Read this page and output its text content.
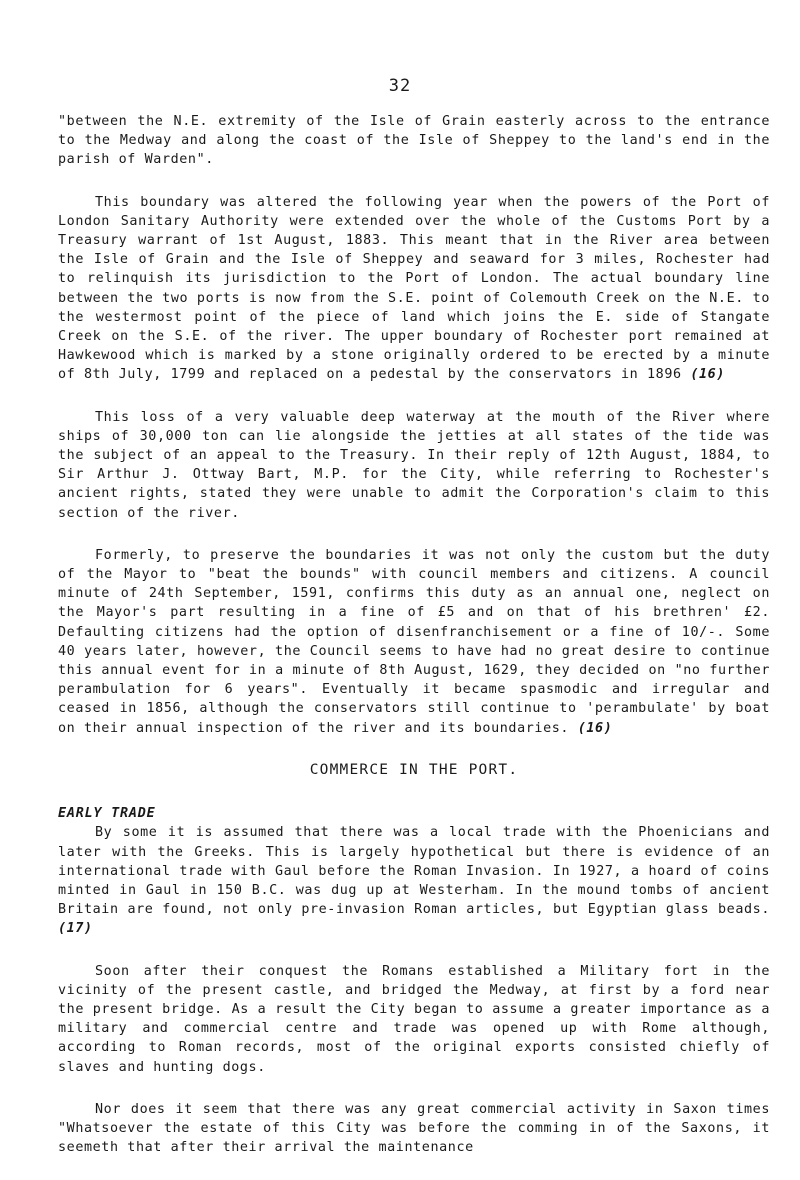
32

"between the N.E. extremity of the Isle of Grain easterly across to the entrance to the Medway and along the coast of the Isle of Sheppey to the land's end in the parish of Warden".

This boundary was altered the following year when the powers of the Port of London Sanitary Authority were extended over the whole of the Customs Port by a Treasury warrant of 1st August, 1883. This meant that in the River area between the Isle of Grain and the Isle of Sheppey and seaward for 3 miles, Rochester had to relinquish its jurisdiction to the Port of London. The actual boundary line between the two ports is now from the S.E. point of Colemouth Creek on the N.E. to the westermost point of the piece of land which joins the E. side of Stangate Creek on the S.E. of the river. The upper boundary of Rochester port remained at Hawkewood which is marked by a stone originally ordered to be erected by a minute of 8th July, 1799 and replaced on a pedestal by the conservators in 1896 (16)

This loss of a very valuable deep waterway at the mouth of the River where ships of 30,000 ton can lie alongside the jetties at all states of the tide was the subject of an appeal to the Treasury. In their reply of 12th August, 1884, to Sir Arthur J. Ottway Bart, M.P. for the City, while referring to Rochester's ancient rights, stated they were unable to admit the Corporation's claim to this section of the river.

Formerly, to preserve the boundaries it was not only the custom but the duty of the Mayor to "beat the bounds" with council members and citizens. A council minute of 24th September, 1591, confirms this duty as an annual one, neglect on the Mayor's part resulting in a fine of £5 and on that of his brethren' £2. Defaulting citizens had the option of disenfranchisement or a fine of 10/-. Some 40 years later, however, the Council seems to have had no great desire to continue this annual event for in a minute of 8th August, 1629, they decided on "no further perambulation for 6 years". Eventually it became spasmodic and irregular and ceased in 1856, although the conservators still continue to 'perambulate' by boat on their annual inspection of the river and its boundaries. (16)

COMMERCE IN THE PORT.
EARLY TRADE

By some it is assumed that there was a local trade with the Phoenicians and later with the Greeks. This is largely hypothetical but there is evidence of an international trade with Gaul before the Roman Invasion. In 1927, a hoard of coins minted in Gaul in 150 B.C. was dug up at Westerham. In the mound tombs of ancient Britain are found, not only pre-invasion Roman articles, but Egyptian glass beads. (17)

Soon after their conquest the Romans established a Military fort in the vicinity of the present castle, and bridged the Medway, at first by a ford near the present bridge. As a result the City began to assume a greater importance as a military and commercial centre and trade was opened up with Rome although, according to Roman records, most of the original exports consisted chiefly of slaves and hunting dogs.

Nor does it seem that there was any great commercial activity in Saxon times "Whatsoever the estate of this City was before the comming in of the Saxons, it seemeth that after their arrival the maintenance
